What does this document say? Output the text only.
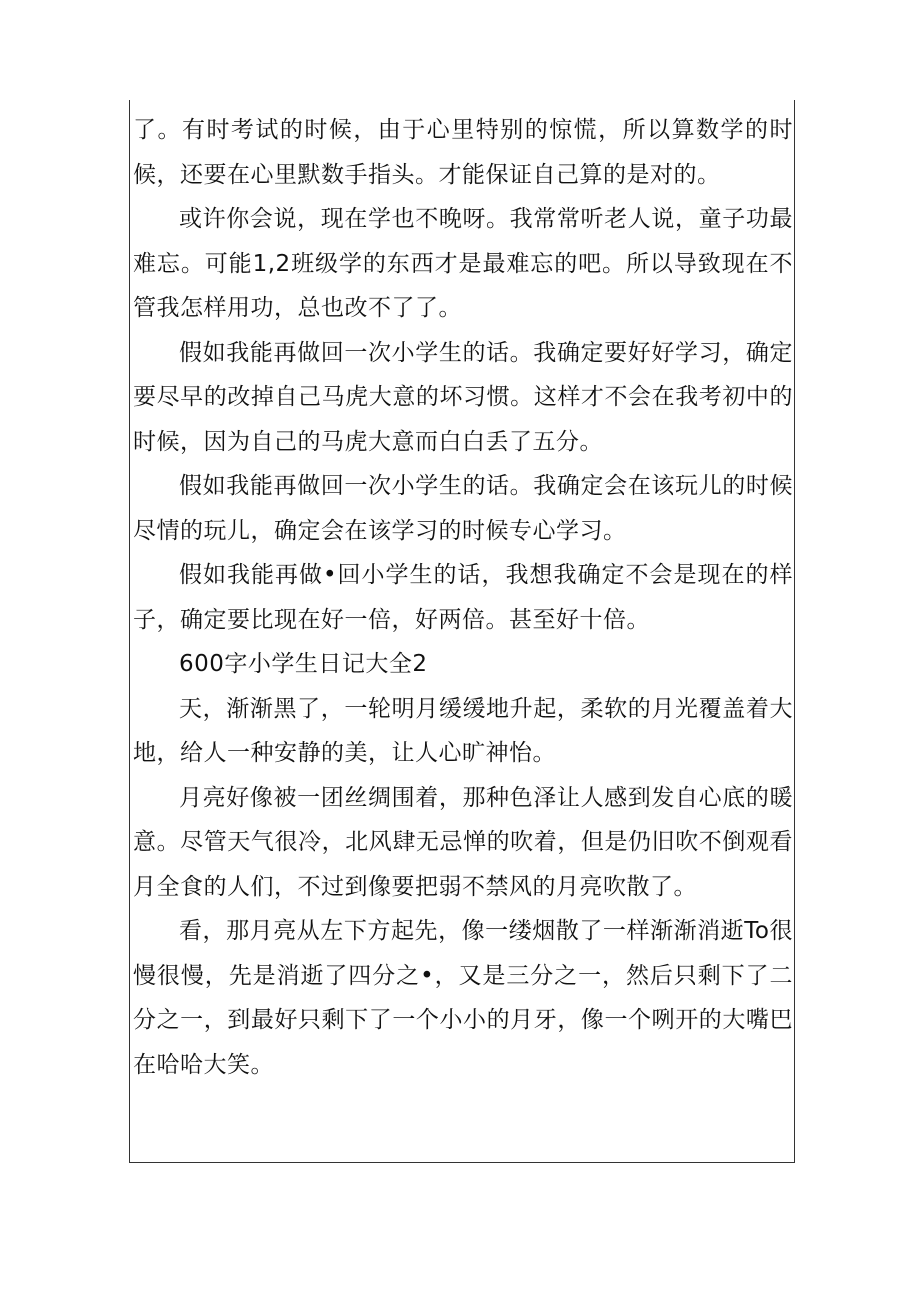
了。有时考试的时候，由于心里特别的惊慌，所以算数学的时候，还要在心里默数手指头。才能保证自己算的是对的。

或许你会说，现在学也不晚呀。我常常听老人说，童子功最难忘。可能1,2班级学的东西才是最难忘的吧。所以导致现在不管我怎样用功，总也改不了了。

假如我能再做回一次小学生的话。我确定要好好学习，确定要尽早的改掉自己马虎大意的坏习惯。这样才不会在我考初中的时候，因为自己的马虎大意而白白丢了五分。

假如我能再做回一次小学生的话。我确定会在该玩儿的时候尽情的玩儿，确定会在该学习的时候专心学习。

假如我能再做•回小学生的话，我想我确定不会是现在的样子，确定要比现在好一倍，好两倍。甚至好十倍。

600字小学生日记大全2

天，渐渐黑了，一轮明月缓缓地升起，柔软的月光覆盖着大地，给人一种安静的美，让人心旷神怡。

月亮好像被一团丝绸围着，那种色泽让人感到发自心底的暖意。尽管天气很冷，北风肆无忌惮的吹着，但是仍旧吹不倒观看月全食的人们，不过到像要把弱不禁风的月亮吹散了。

看，那月亮从左下方起先，像一缕烟散了一样渐渐消逝To很慢很慢，先是消逝了四分之•，又是三分之一，然后只剩下了二分之一，到最好只剩下了一个小小的月牙，像一个咧开的大嘴巴在哈哈大笑。
